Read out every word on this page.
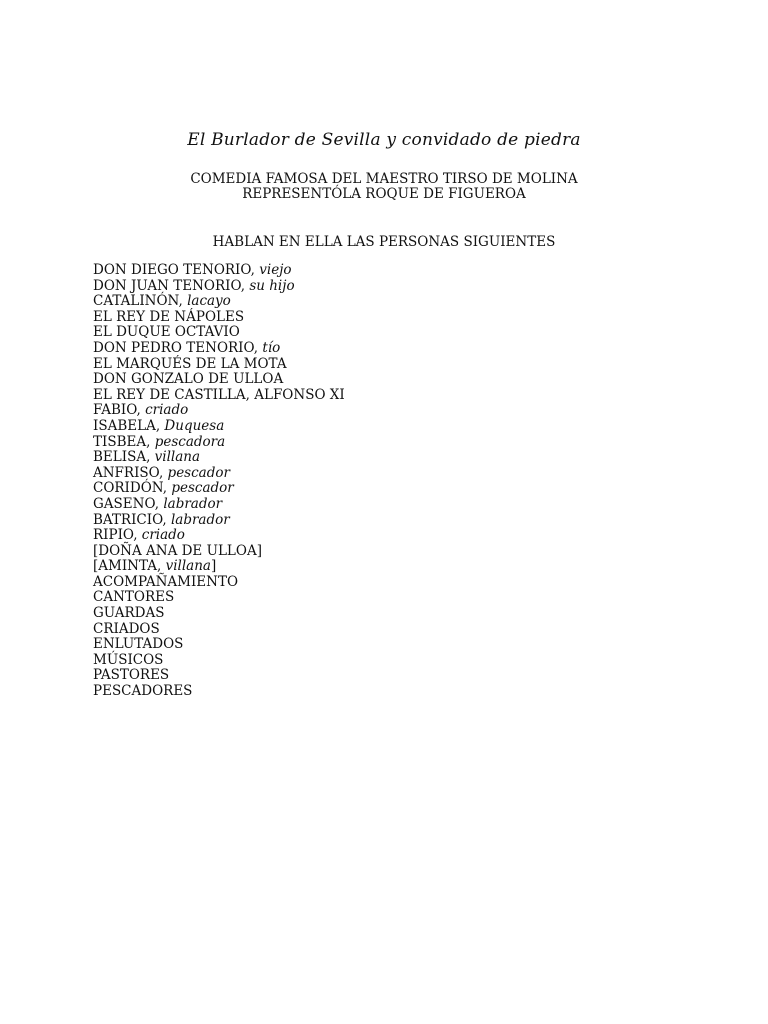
El Burlador de Sevilla y convidado de piedra
COMEDIA FAMOSA DEL MAESTRO TIRSO DE MOLINA
REPRESENTÓLA ROQUE DE FIGUEROA
HABLAN EN ELLA LAS PERSONAS SIGUIENTES
DON DIEGO TENORIO, viejo
DON JUAN TENORIO, su hijo
CATALINÓN, lacayo
EL REY DE NÁPOLES
EL DUQUE OCTAVIO
DON PEDRO TENORIO, tío
EL MARQUÉS DE LA MOTA
DON GONZALO DE ULLOA
EL REY DE CASTILLA, ALFONSO XI
FABIO, criado
ISABELA, Duquesa
TISBEA, pescadora
BELISA, villana
ANFRISO, pescador
CORIDÓN, pescador
GASENO, labrador
BATRICIO, labrador
RIPIO, criado
[DOÑA ANA DE ULLOA]
[AMINTA, villana]
ACOMPAÑAMIENTO
CANTORES
GUARDAS
CRIADOS
ENLUTADOS
MÚSICOS
PASTORES
PESCADORES
